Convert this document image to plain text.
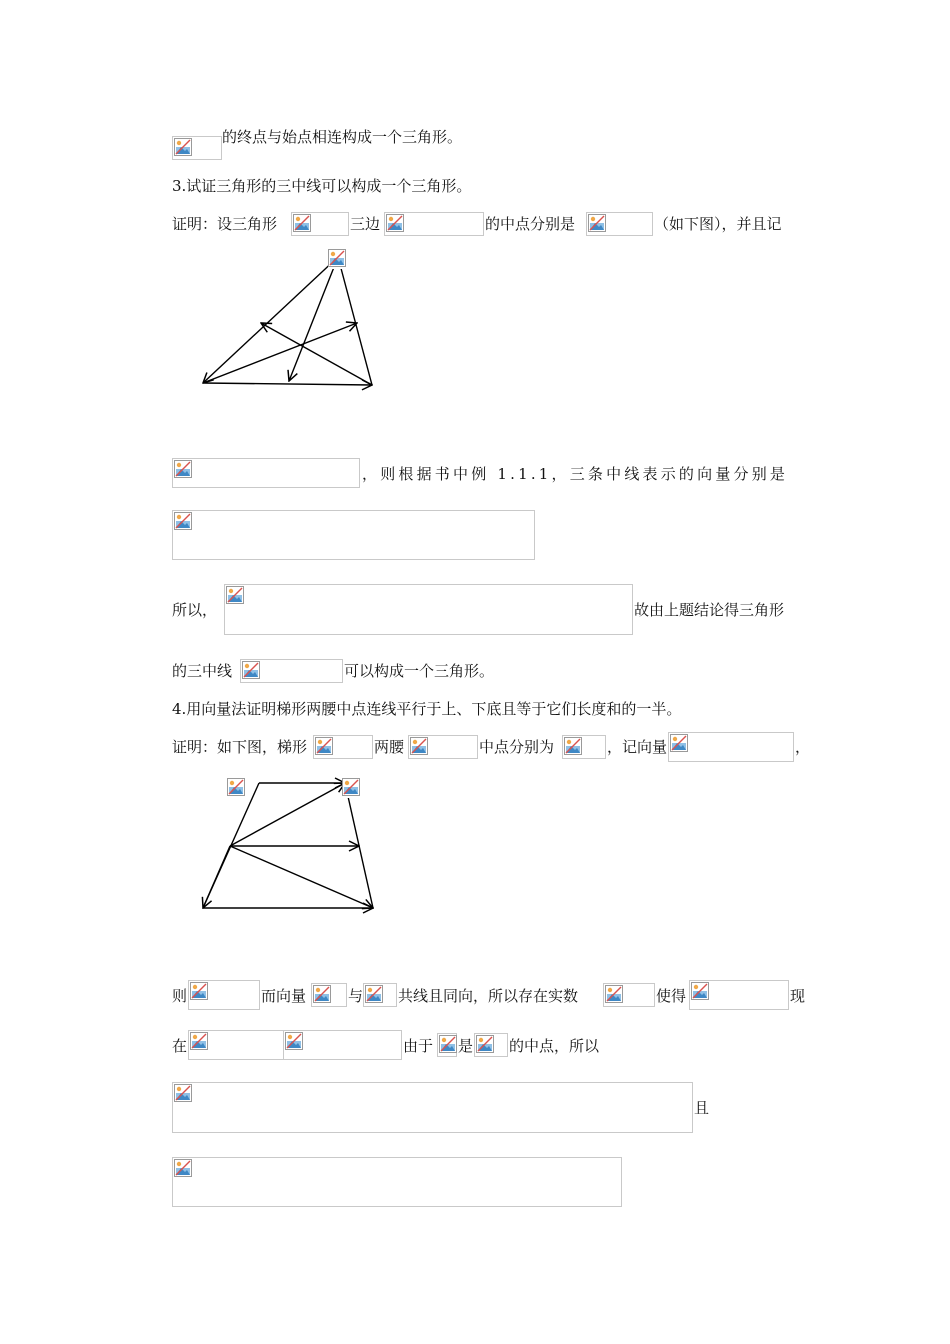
的终点与始点相连构成一个三角形。
3.试证三角形的三中线可以构成一个三角形。
证明：设三角形	三边	的中点分别是	（如下图），并且记
，则根据书中例 1.1.1，三条中线表示的向量分别是
所以，	故由上题结论得三角形
的三中线	可以构成一个三角形。
4.用向量法证明梯形两腰中点连线平行于上、下底且等于它们长度和的一半。
证明：如下图，梯形	两腰	中点分别为	，记向量	，
则	而向量	与 共线且同向，所以存在实数	使得	现
在	由于 是 的中点，所以
且
